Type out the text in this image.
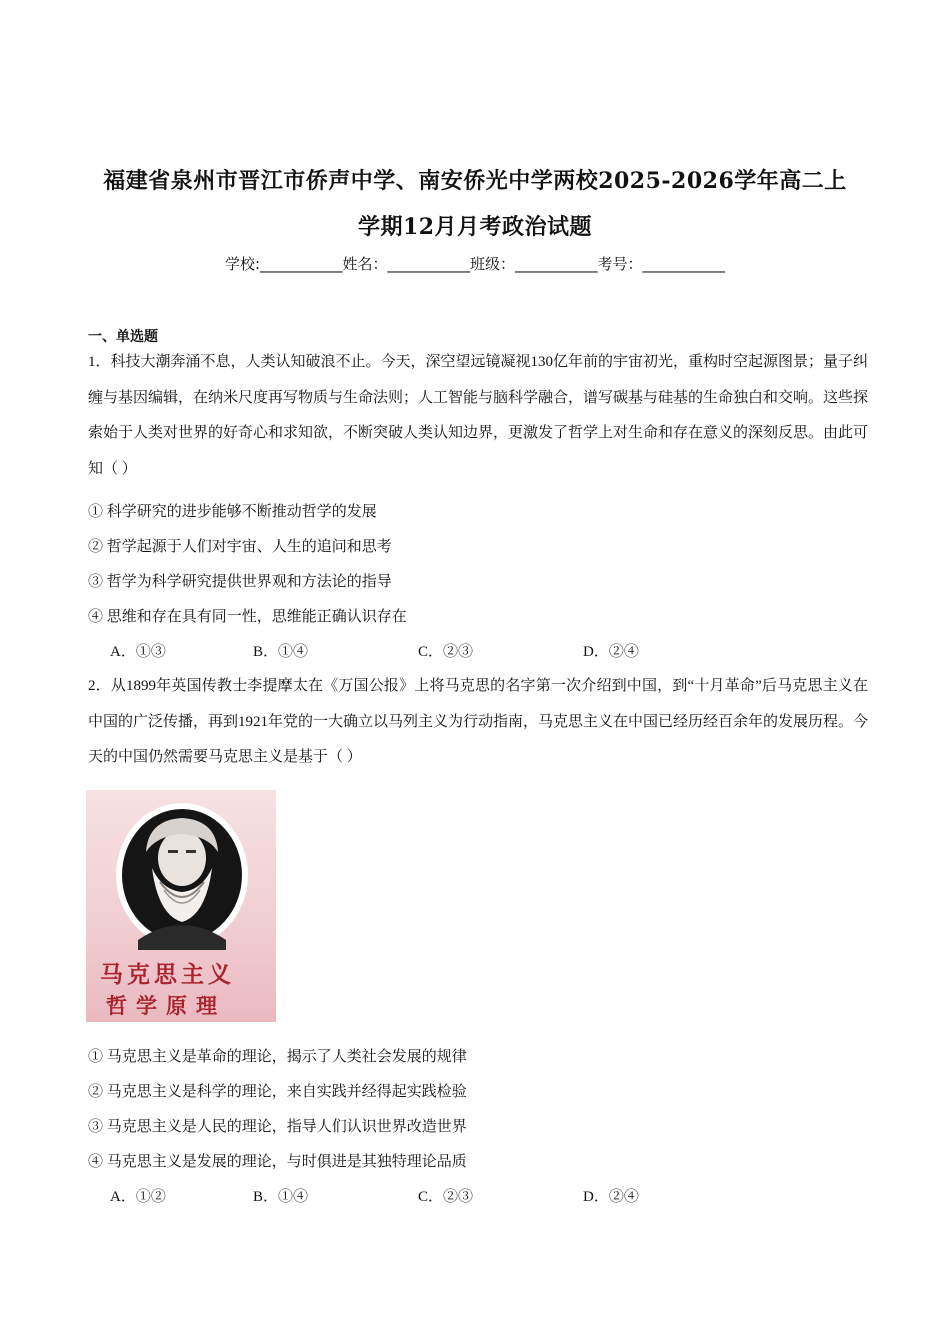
福建省泉州市晋江市侨声中学、南安侨光中学两校2025-2026学年高二上
学期12月月考政治试题
学校:___________姓名：___________班级：___________考号：___________
一、单选题
1．科技大潮奔涌不息，人类认知破浪不止。今天，深空望远镜凝视130亿年前的宇宙初光，重构时空起源图景；量子纠缠与基因编辑，在纳米尺度再写物质与生命法则；人工智能与脑科学融合，谱写碳基与硅基的生命独白和交响。这些探索始于人类对世界的好奇心和求知欲，不断突破人类认知边界，更激发了哲学上对生命和存在意义的深刻反思。由此可知（ ）
① 科学研究的进步能够不断推动哲学的发展
② 哲学起源于人们对宇宙、人生的追问和思考
③ 哲学为科学研究提供世界观和方法论的指导
④ 思维和存在具有同一性，思维能正确认识存在
A．①③	B．①④	C．②③	D．②④
2．从1899年英国传教士李提摩太在《万国公报》上将马克思的名字第一次介绍到中国，到“十月革命”后马克思主义在中国的广泛传播，再到1921年党的一大确立以马列主义为行动指南，马克思主义在中国已经历经百余年的发展历程。今天的中国仍然需要马克思主义是基于（ ）
马克思主义
哲学原理
① 马克思主义是革命的理论，揭示了人类社会发展的规律
② 马克思主义是科学的理论，来自实践并经得起实践检验
③ 马克思主义是人民的理论，指导人们认识世界改造世界
④ 马克思主义是发展的理论，与时俱进是其独特理论品质
A．①②	B．①④	C．②③	D．②④
